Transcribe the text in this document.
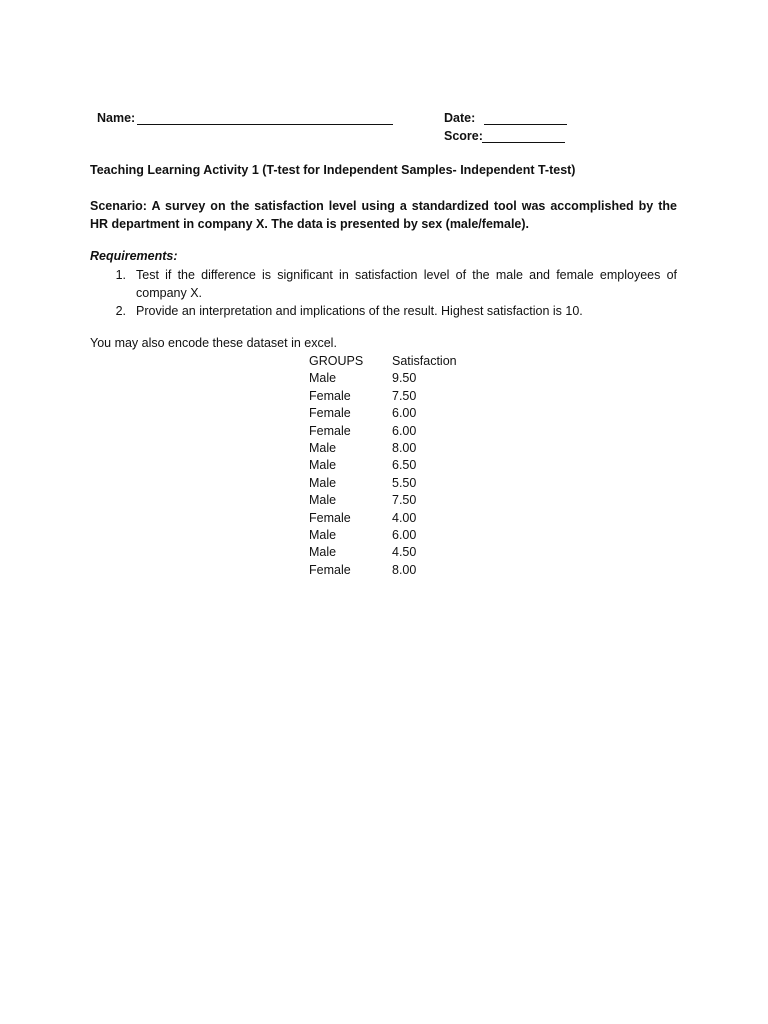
Name:	Date:
Score:
Teaching Learning Activity 1 (T-test for Independent Samples- Independent T-test)
Scenario: A survey on the satisfaction level using a standardized tool was accomplished by the HR department in company X. The data is presented by sex (male/female).
Requirements:
1. Test if the difference is significant in satisfaction level of the male and female employees of company X.
2. Provide an interpretation and implications of the result. Highest satisfaction is 10.
You may also encode these dataset in excel.
GROUPS Satisfaction
Male	9.50
Female	7.50
Female	6.00
Female	6.00
Male	8.00
Male	6.50
Male	5.50
Male	7.50
Female	4.00
Male	6.00
Male	4.50
Female	8.00
